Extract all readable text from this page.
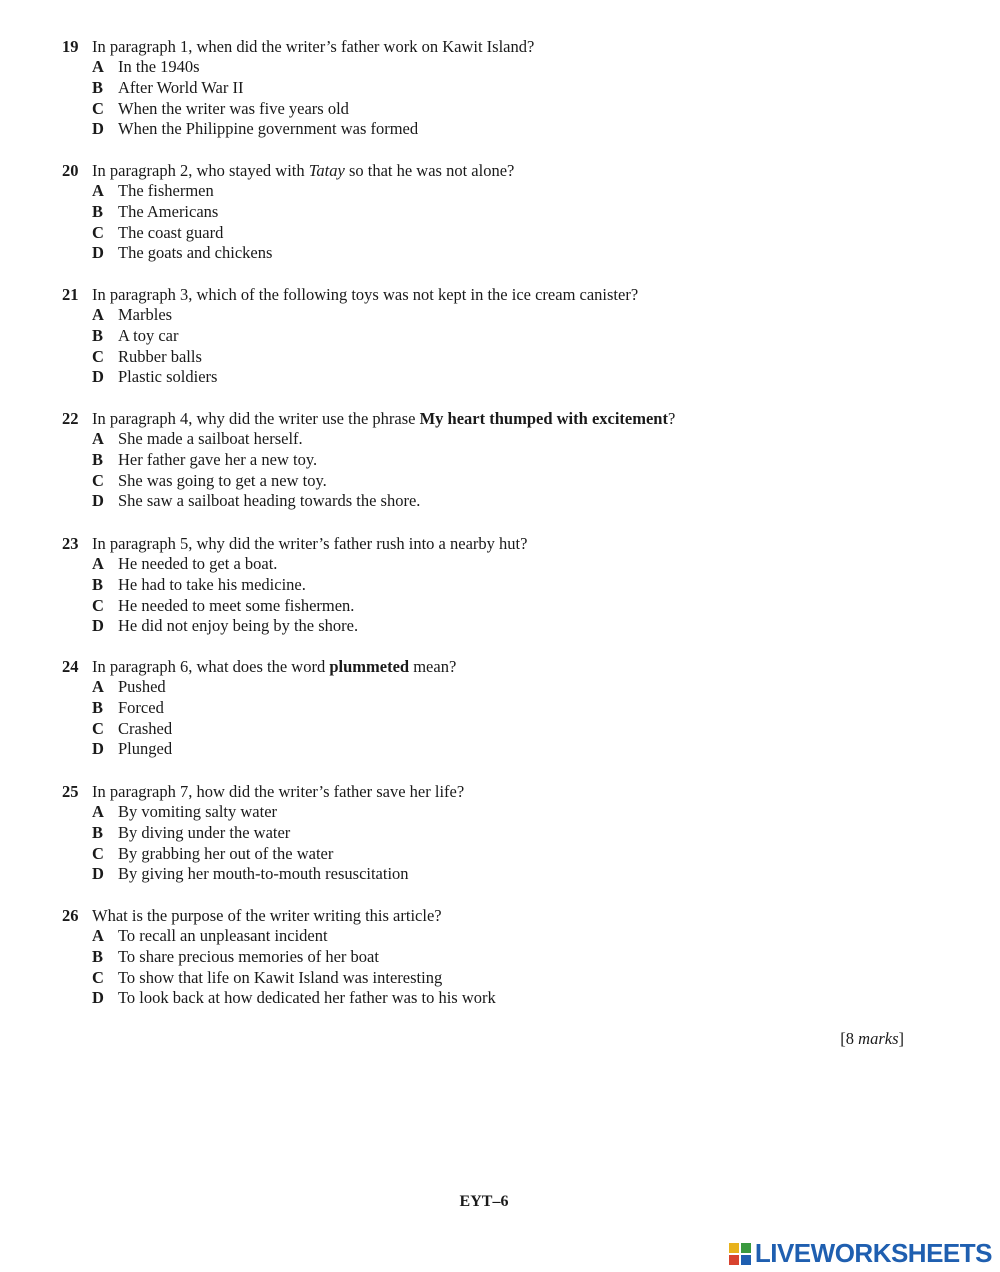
19 In paragraph 1, when did the writer’s father work on Kawit Island?
A In the 1940s
B After World War II
C When the writer was five years old
D When the Philippine government was formed
20 In paragraph 2, who stayed with Tatay so that he was not alone?
A The fishermen
B The Americans
C The coast guard
D The goats and chickens
21 In paragraph 3, which of the following toys was not kept in the ice cream canister?
A Marbles
B A toy car
C Rubber balls
D Plastic soldiers
22 In paragraph 4, why did the writer use the phrase My heart thumped with excitement?
A She made a sailboat herself.
B Her father gave her a new toy.
C She was going to get a new toy.
D She saw a sailboat heading towards the shore.
23 In paragraph 5, why did the writer’s father rush into a nearby hut?
A He needed to get a boat.
B He had to take his medicine.
C He needed to meet some fishermen.
D He did not enjoy being by the shore.
24 In paragraph 6, what does the word plummeted mean?
A Pushed
B Forced
C Crashed
D Plunged
25 In paragraph 7, how did the writer’s father save her life?
A By vomiting salty water
B By diving under the water
C By grabbing her out of the water
D By giving her mouth-to-mouth resuscitation
26 What is the purpose of the writer writing this article?
A To recall an unpleasant incident
B To share precious memories of her boat
C To show that life on Kawit Island was interesting
D To look back at how dedicated her father was to his work
[8 marks]
EYT–6
LIVEWORKSHEETS
